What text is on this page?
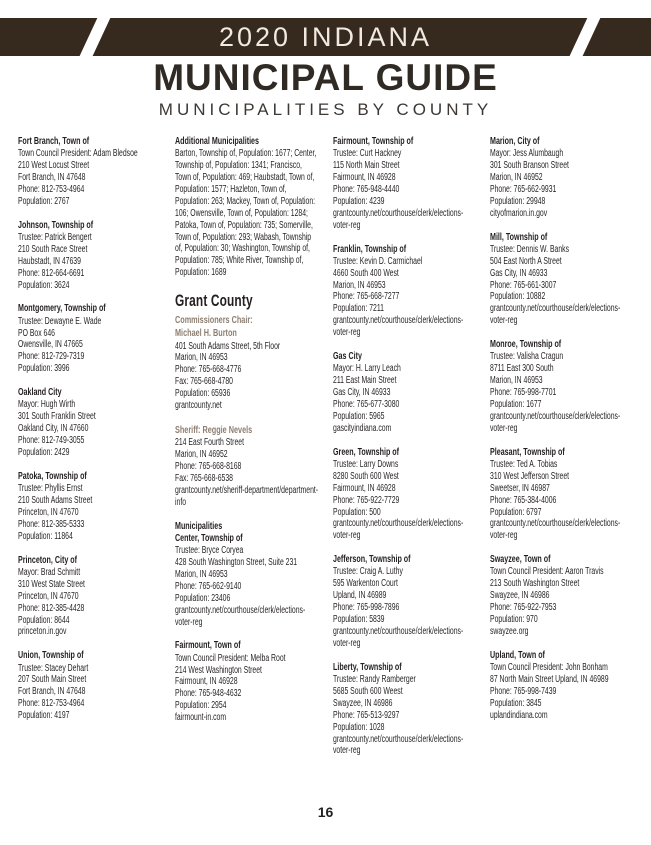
2020 INDIANA
MUNICIPAL GUIDE
MUNICIPALITIES BY COUNTY
Fort Branch, Town of
Town Council President: Adam Bledsoe
210 West Locust Street
Fort Branch, IN 47648
Phone: 812-753-4964
Population: 2767
Johnson, Township of
Trustee: Patrick Bengert
210 South Race Street
Haubstadt, IN 47639
Phone: 812-664-6691
Population: 3624
Montgomery, Township of
Trustee: Dewayne E. Wade
PO Box 646
Owensville, IN 47665
Phone: 812-729-7319
Population: 3996
Oakland City
Mayor: Hugh Wirth
301 South Franklin Street
Oakland City, IN 47660
Phone: 812-749-3055
Population: 2429
Patoka, Township of
Trustee: Phyllis Ernst
210 South Adams Street
Princeton, IN 47670
Phone: 812-385-5333
Population: 11864
Princeton, City of
Mayor: Brad Schmitt
310 West State Street
Princeton, IN 47670
Phone: 812-385-4428
Population: 8644
princeton.in.gov
Union, Township of
Trustee: Stacey Dehart
207 South Main Street
Fort Branch, IN 47648
Phone: 812-753-4964
Population: 4197
Additional Municipalities
Barton, Township of, Population: 1677; Center, Township of, Population: 1341; Francisco, Town of, Population: 469; Haubstadt, Town of, Population: 1577; Hazleton, Town of, Population: 263; Mackey, Town of, Population: 106; Owensville, Town of, Population: 1284; Patoka, Town of, Population: 735; Somerville, Town of, Population: 293; Wabash, Township of, Population: 30; Washington, Township of, Population: 785; White River, Township of, Population: 1689
Grant County
Commissioners Chair:
Michael H. Burton
401 South Adams Street, 5th Floor
Marion, IN 46953
Phone: 765-668-4776
Fax: 765-668-4780
Population: 65936
grantcounty.net
Sheriff: Reggie Nevels
214 East Fourth Street
Marion, IN 46952
Phone: 765-668-8168
Fax: 765-668-6538
grantcounty.net/sheriff-department/department-info
Municipalities
Center, Township of
Trustee: Bryce Coryea
428 South Washington Street, Suite 231
Marion, IN 46953
Phone: 765-662-9140
Population: 23406
grantcounty.net/courthouse/clerk/elections-voter-reg
Fairmount, Town of
Town Council President: Melba Root
214 West Washington Street
Fairmount, IN 46928
Phone: 765-948-4632
Population: 2954
fairmount-in.com
Fairmount, Township of
Trustee: Curt Hackney
115 North Main Street
Fairmount, IN 46928
Phone: 765-948-4440
Population: 4239
grantcounty.net/courthouse/clerk/elections-voter-reg
Franklin, Township of
Trustee: Kevin D. Carmichael
4660 South 400 West
Marion, IN 46953
Phone: 765-668-7277
Population: 7211
grantcounty.net/courthouse/clerk/elections-voter-reg
Gas City
Mayor: H. Larry Leach
211 East Main Street
Gas City, IN 46933
Phone: 765-677-3080
Population: 5965
gascityindiana.com
Green, Township of
Trustee: Larry Downs
8280 South 600 West
Fairmount, IN 46928
Phone: 765-922-7729
Population: 500
grantcounty.net/courthouse/clerk/elections-voter-reg
Jefferson, Township of
Trustee: Craig A. Luthy
595 Warkenton Court
Upland, IN 46989
Phone: 765-998-7896
Population: 5839
grantcounty.net/courthouse/clerk/elections-voter-reg
Liberty, Township of
Trustee: Randy Ramberger
5685 South 600 Weest
Swayzee, IN 46986
Phone: 765-513-9297
Population: 1028
grantcounty.net/courthouse/clerk/elections-voter-reg
Marion, City of
Mayor: Jess Alumbaugh
301 South Branson Street
Marion, IN 46952
Phone: 765-662-9931
Population: 29948
cityofmarion.in.gov
Mill, Township of
Trustee: Dennis W. Banks
504 East North A Street
Gas City, IN 46933
Phone: 765-661-3007
Population: 10882
grantcounty.net/courthouse/clerk/elections-voter-reg
Monroe, Township of
Trustee: Valisha Cragun
8711 East 300 South
Marion, IN 46953
Phone: 765-998-7701
Population: 1677
grantcounty.net/courthouse/clerk/elections-voter-reg
Pleasant, Township of
Trustee: Ted A. Tobias
310 West Jefferson Street
Sweetser, IN 46987
Phone: 765-384-4006
Population: 6797
grantcounty.net/courthouse/clerk/elections-voter-reg
Swayzee, Town of
Town Council President: Aaron Travis
213 South Washington Street
Swayzee, IN 46986
Phone: 765-922-7953
Population: 970
swayzee.org
Upland, Town of
Town Council President: John Bonham
87 North Main Street Upland, IN 46989
Phone: 765-998-7439
Population: 3845
uplandindiana.com
16
